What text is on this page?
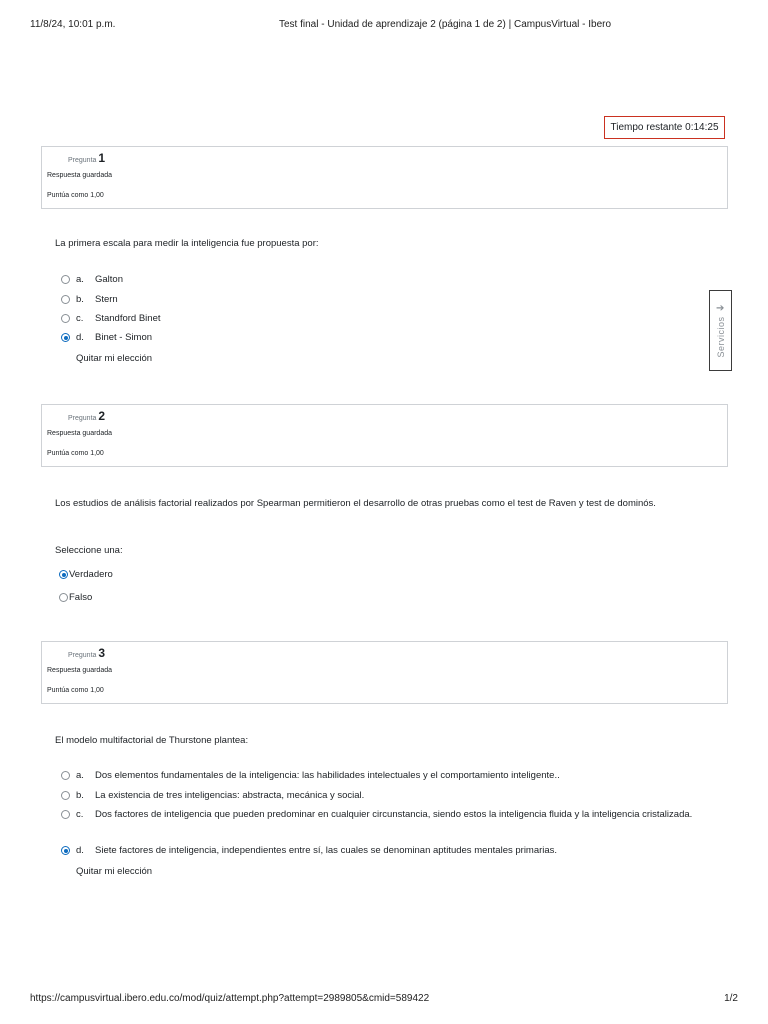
11/8/24, 10:01 p.m.	Test final - Unidad de aprendizaje 2 (página 1 de 2) | CampusVirtual - Ibero
Tiempo restante 0:14:25
Pregunta 1
Respuesta guardada
Puntúa como 1,00
La primera escala para medir la inteligencia fue propuesta por:
a. Galton
b. Stern
c. Standford Binet
d. Binet - Simon
Quitar mi elección
➔
Servicios
Pregunta 2
Respuesta guardada
Puntúa como 1,00
Los estudios de análisis factorial realizados por Spearman permitieron el desarrollo de otras pruebas como el test de Raven y test de dominós.
Seleccione una:
Verdadero
Falso
Pregunta 3
Respuesta guardada
Puntúa como 1,00
El modelo multifactorial de Thurstone plantea:
a. Dos elementos fundamentales de la inteligencia: las habilidades intelectuales y el comportamiento inteligente..
b. La existencia de tres inteligencias: abstracta, mecánica y social.
c. Dos factores de inteligencia que pueden predominar en cualquier circunstancia, siendo estos la inteligencia fluida y la inteligencia cristalizada.
d. Siete factores de inteligencia, independientes entre sí, las cuales se denominan aptitudes mentales primarias.
Quitar mi elección
https://campusvirtual.ibero.edu.co/mod/quiz/attempt.php?attempt=2989805&cmid=589422	1/2
